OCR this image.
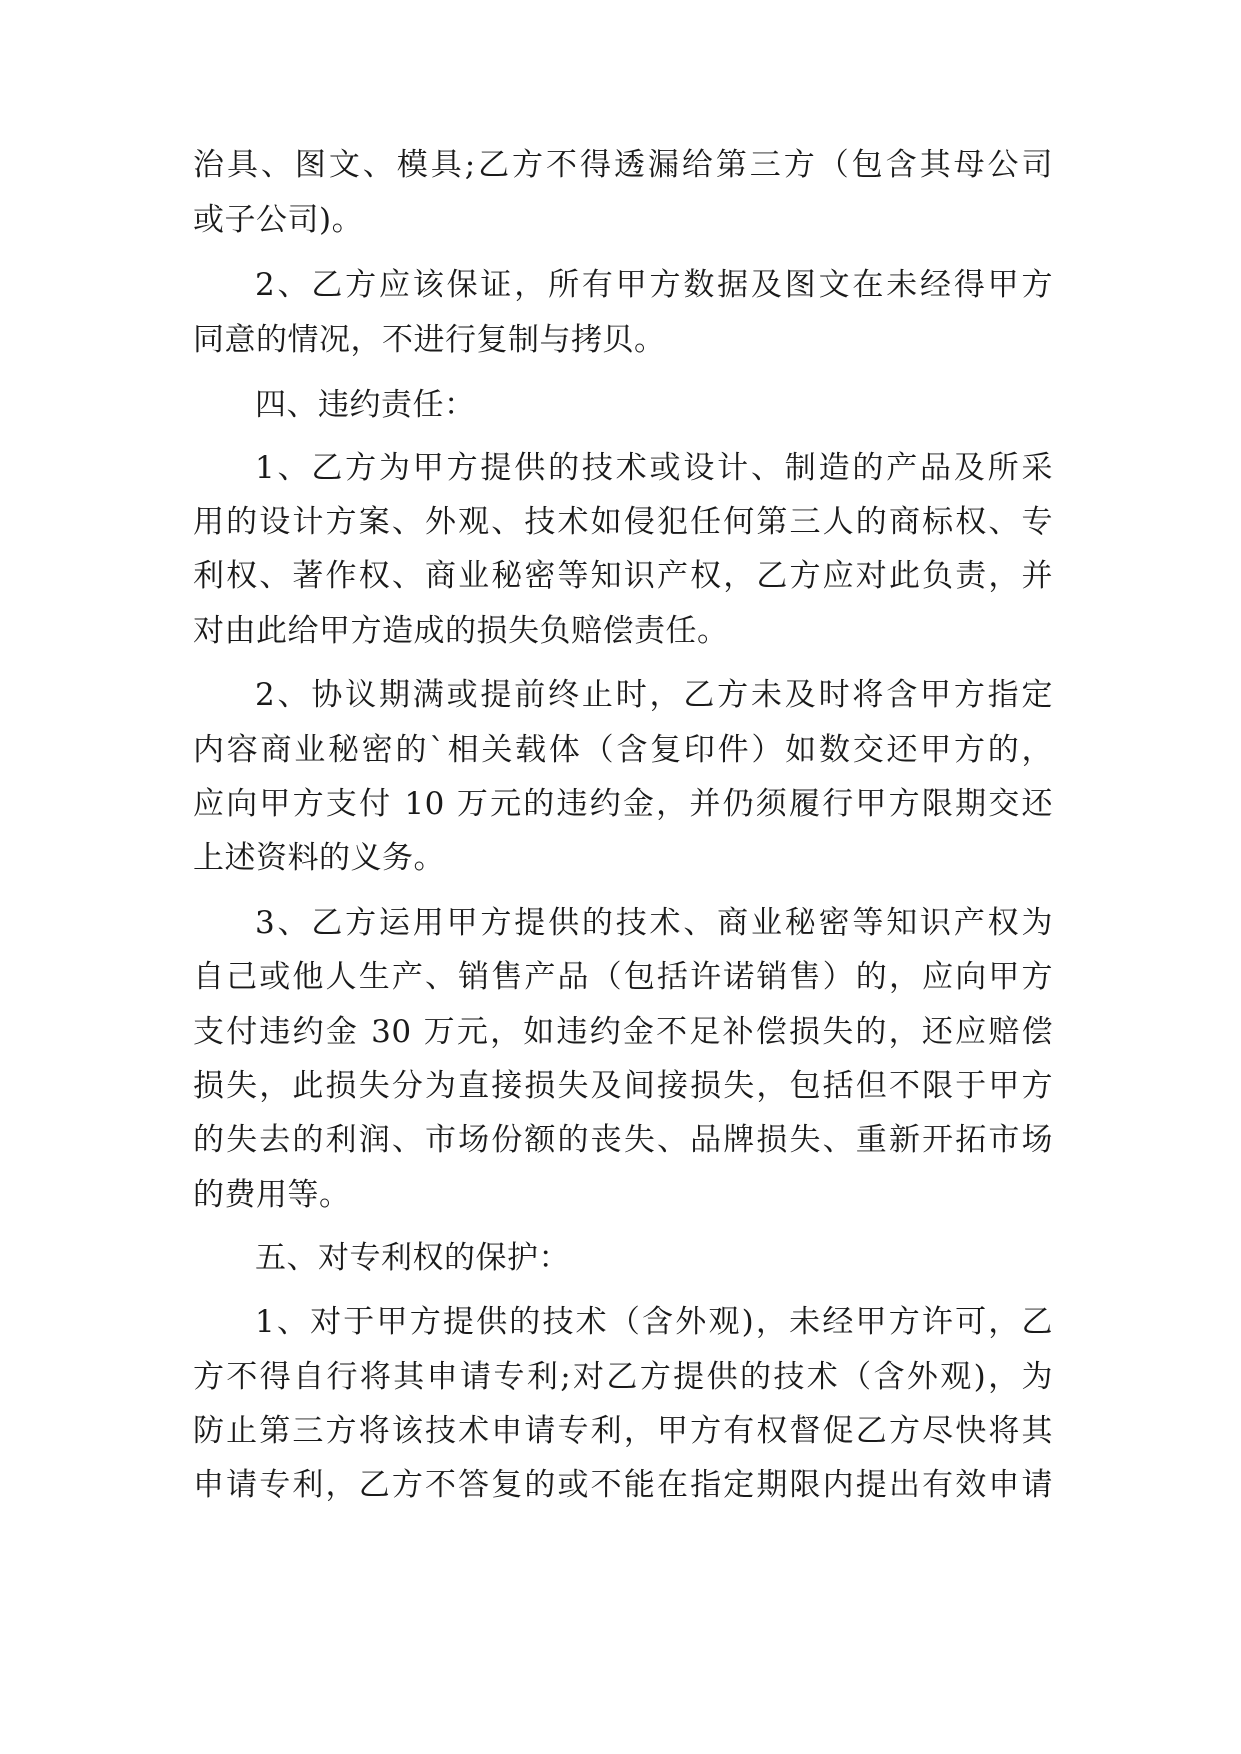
治具、图文、模具;乙方不得透漏给第三方（包含其母公司
或子公司)。
2、乙方应该保证，所有甲方数据及图文在未经得甲方
同意的情况，不进行复制与拷贝。
四、违约责任：
1、乙方为甲方提供的技术或设计、制造的产品及所采
用的设计方案、外观、技术如侵犯任何第三人的商标权、专
利权、著作权、商业秘密等知识产权，乙方应对此负责，并
对由此给甲方造成的损失负赔偿责任。
2、协议期满或提前终止时，乙方未及时将含甲方指定
内容商业秘密的`相关载体（含复印件）如数交还甲方的，
应向甲方支付 10 万元的违约金，并仍须履行甲方限期交还
上述资料的义务。
3、乙方运用甲方提供的技术、商业秘密等知识产权为
自己或他人生产、销售产品（包括许诺销售）的，应向甲方
支付违约金 30 万元，如违约金不足补偿损失的，还应赔偿
损失，此损失分为直接损失及间接损失，包括但不限于甲方
的失去的利润、市场份额的丧失、品牌损失、重新开拓市场
的费用等。
五、对专利权的保护：
1、对于甲方提供的技术（含外观)，未经甲方许可，乙
方不得自行将其申请专利;对乙方提供的技术（含外观)，为
防止第三方将该技术申请专利，甲方有权督促乙方尽快将其
申请专利，乙方不答复的或不能在指定期限内提出有效申请
